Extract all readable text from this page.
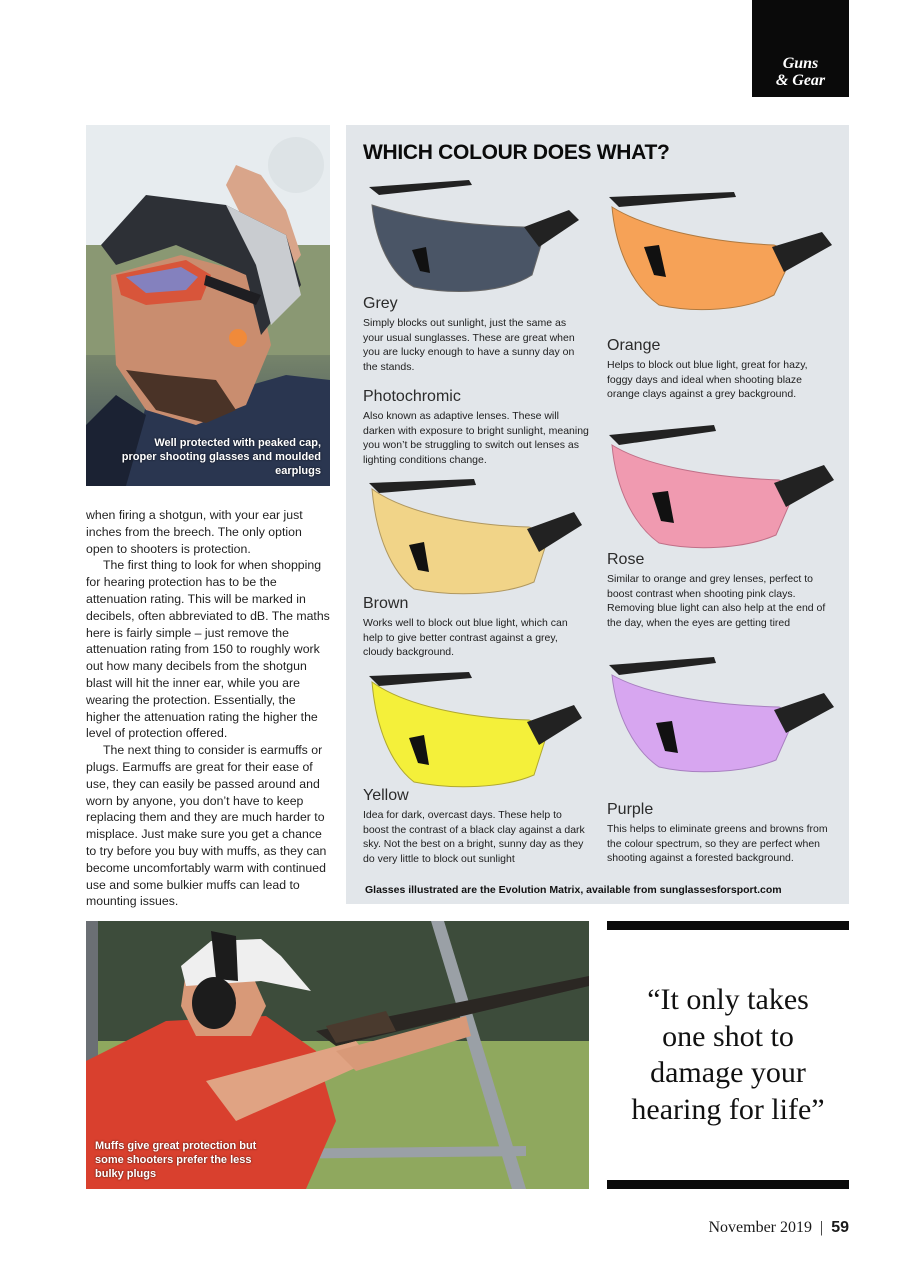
Guns
& Gear
Well protected with peaked cap, proper shooting glasses and moulded earplugs

when firing a shotgun, with your ear just inches from the breech. The only option open to shooters is protection.

The first thing to look for when shopping for hearing protection has to be the attenuation rating. This will be marked in decibels, often abbreviated to dB. The maths here is fairly simple – just remove the attenuation rating from 150 to roughly work out how many decibels from the shotgun blast will hit the inner ear, while you are wearing the protection. Essentially, the higher the attenuation rating the higher the level of protection offered.

The next thing to consider is earmuffs or plugs. Earmuffs are great for their ease of use, they can easily be passed around and worn by anyone, you don’t have to keep replacing them and they are much harder to misplace. Just make sure you get a chance to try before you buy with muffs, as they can become uncomfortably warm with continued use and some bulkier muffs can lead to mounting issues.

WHICH COLOUR DOES WHAT?
Grey

Simply blocks out sunlight, just the same as your usual sunglasses. These are great when you are lucky enough to have a sunny day on the stands.

Photochromic

Also known as adaptive lenses. These will darken with exposure to bright sunlight, meaning you won’t be struggling to switch out lenses as lighting conditions change.

Brown

Works well to block out blue light, which can help to give better contrast against a grey, cloudy background.

Yellow

Idea for dark, overcast days. These help to boost the contrast of a black clay against a dark sky. Not the best on a bright, sunny day as they do very little to block out sunlight

Orange

Helps to block out blue light, great for hazy, foggy days and ideal when shooting blaze orange clays against a grey background.

Rose

Similar to orange and grey lenses, perfect to boost contrast when shooting pink clays. Removing blue light can also help at the end of the day, when the eyes are getting tired

Purple

This helps to eliminate greens and browns from the colour spectrum, so they are perfect when shooting against a forested background.

Glasses illustrated are the Evolution Matrix, available from sunglassesforsport.com
Muffs give great protection but some shooters prefer the less bulky plugs

“It only takes one shot to damage your hearing for life”

November 2019 | 59
